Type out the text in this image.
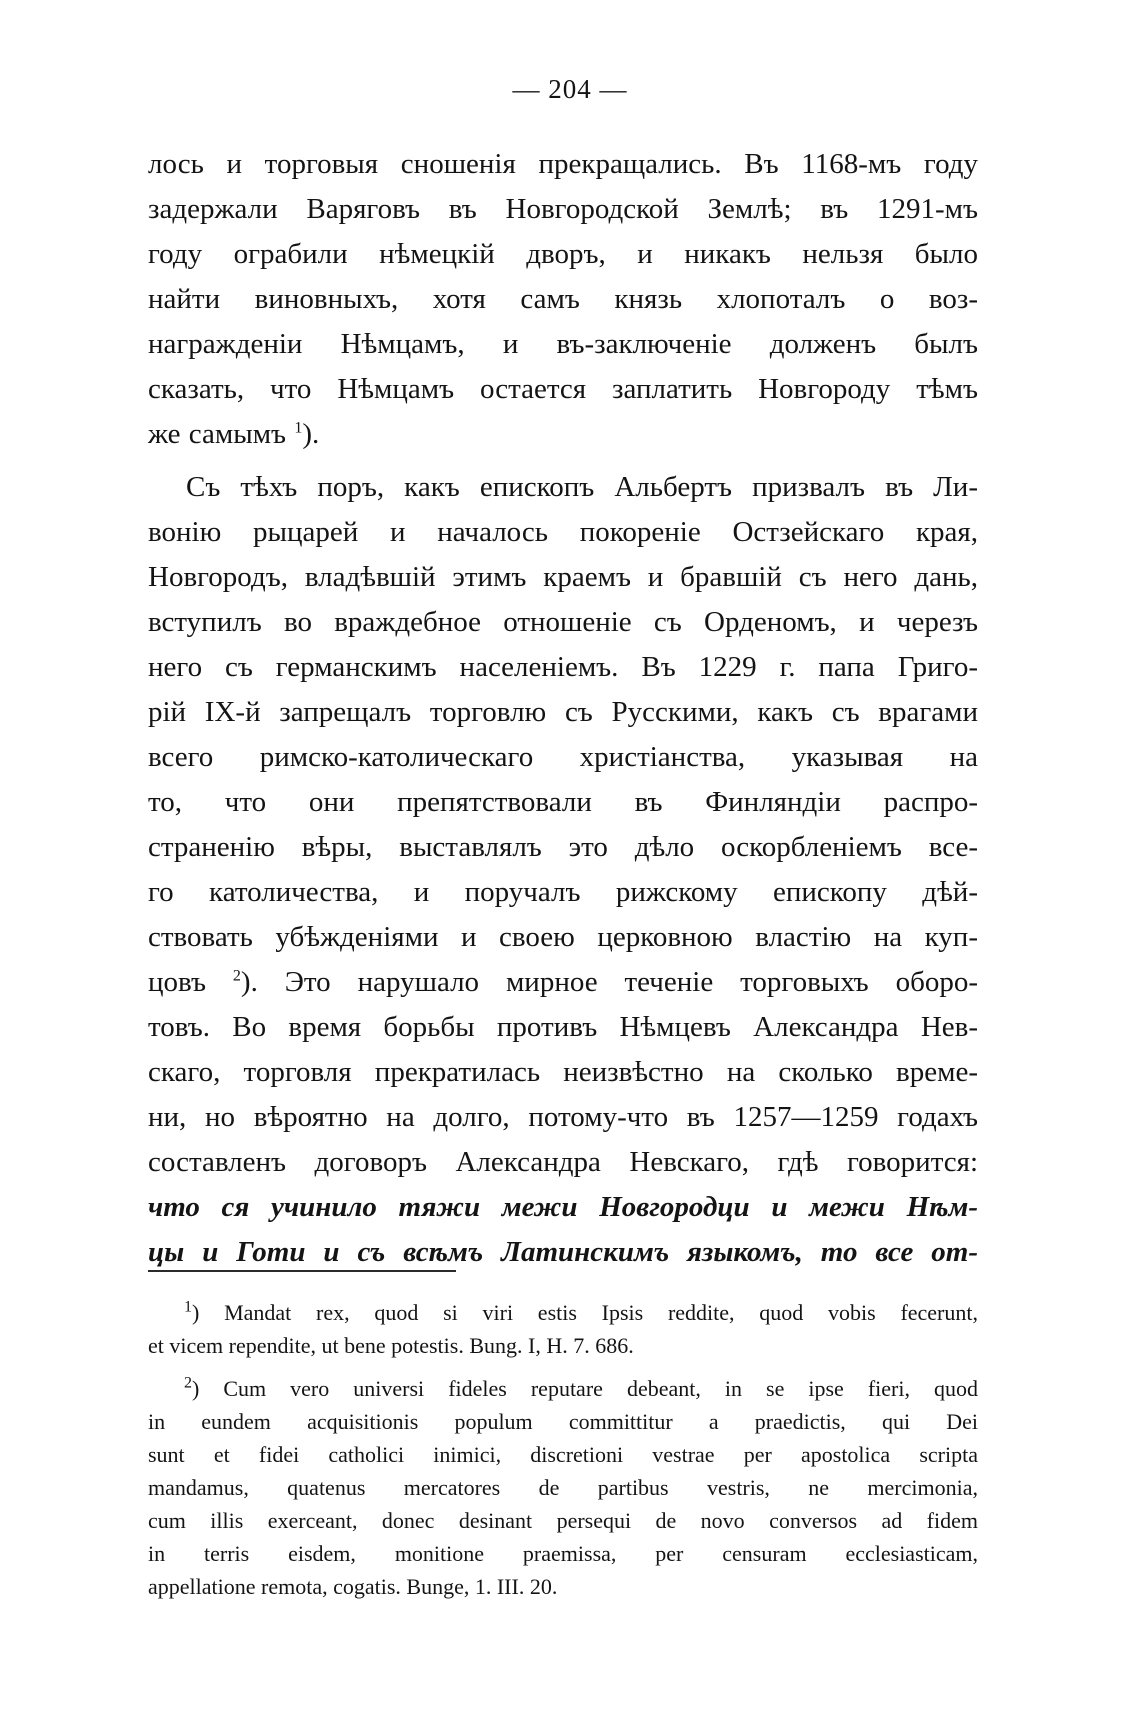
— 204 —
лось и торговыя сношенія прекращались. Въ 1168-мъ году
задержали Варяговъ въ Новгородской Землѣ; въ 1291-мъ
году ограбили нѣмецкій дворъ, и никакъ нельзя было
найти виновныхъ, хотя самъ князь хлопоталъ о воз-
награжденіи Нѣмцамъ, и въ-заключеніе долженъ былъ
сказать, что Нѣмцамъ остается заплатить Новгороду тѣмъ
же самымъ $^1$).
Съ тѣхъ поръ, какъ епископъ Альбертъ призвалъ въ Ли-
вонію рыцарей и началось покореніе Остзейскаго края,
Новгородъ, владѣвшій этимъ краемъ и бравшій съ него дань,
вступилъ во враждебное отношеніе съ Орденомъ, и черезъ
него съ германскимъ населеніемъ. Въ 1229 г. папа Григо-
рій IX-й запрещалъ торговлю съ Русскими, какъ съ врагами
всего римско-католическаго христіанства, указывая на
то, что они препятствовали въ Финляндіи распро-
страненію вѣры, выставлялъ это дѣло оскорбленіемъ все-
го католичества, и поручалъ рижскому епископу дѣй-
ствовать убѣжденіями и своею церковною властію на куп-
цовъ $^2$). Это нарушало мирное теченіе торговыхъ оборо-
товъ. Во время борьбы противъ Нѣмцевъ Александра Нев-
скаго, торговля прекратилась неизвѣстно на сколько време-
ни, но вѣроятно на долго, потому-что въ 1257—1259 годахъ
составленъ договоръ Александра Невскаго, гдѣ говорится:
что ся учинило тяжи межи Новгородци и межи Нѣм-
цы и Готи и съ всѣмъ Латинскимъ языкомъ, то все от-
$^1$) Mandat rex, quod si viri estis Ipsis reddite, quod vobis fecerunt,
et vicem rependite, ut bene potestis. Bung. I, H. 7. 686.
$^2$) Cum vero universi fideles reputare debeant, in se ipse fieri, quod
in eundem acquisitionis populum committitur a praedictis, qui Dei
sunt et fidei catholici inimici, discretioni vestrae per apostolica scripta
mandamus, quatenus mercatores de partibus vestris, ne mercimonia,
cum illis exerceant, donec desinant persequi de novo conversos ad fidem
in terris eisdem, monitione praemissa, per censuram ecclesiasticam,
appellatione remota, cogatis. Bunge, 1. III. 20.
